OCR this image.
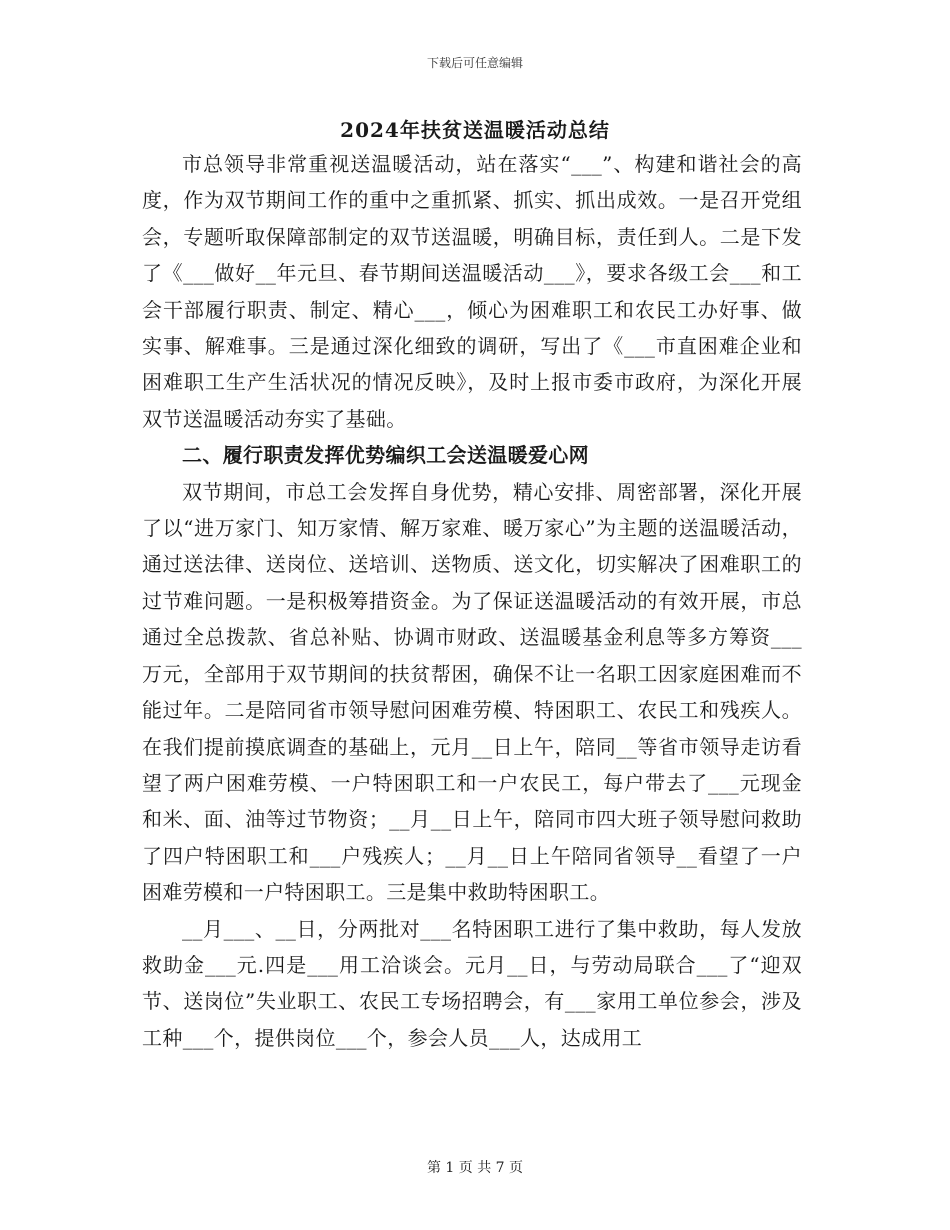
下载后可任意编辑
2024年扶贫送温暖活动总结

市总领导非常重视送温暖活动，站在落实“___”、构建和谐社会的高度，作为双节期间工作的重中之重抓紧、抓实、抓出成效。一是召开党组会，专题听取保障部制定的双节送温暖，明确目标，责任到人。二是下发了《___做好__年元旦、春节期间送温暖活动___》，要求各级工会___和工会干部履行职责、制定、精心___，倾心为困难职工和农民工办好事、做实事、解难事。三是通过深化细致的调研，写出了《___市直困难企业和困难职工生产生活状况的情况反映》，及时上报市委市政府，为深化开展双节送温暖活动夯实了基础。

二、履行职责发挥优势编织工会送温暖爱心网

双节期间，市总工会发挥自身优势，精心安排、周密部署，深化开展了以“进万家门、知万家情、解万家难、暖万家心”为主题的送温暖活动，通过送法律、送岗位、送培训、送物质、送文化，切实解决了困难职工的过节难问题。一是积极筹措资金。为了保证送温暖活动的有效开展，市总通过全总拨款、省总补贴、协调市财政、送温暖基金利息等多方筹资___万元，全部用于双节期间的扶贫帮困，确保不让一名职工因家庭困难而不能过年。二是陪同省市领导慰问困难劳模、特困职工、农民工和残疾人。在我们提前摸底调查的基础上，元月__日上午，陪同__等省市领导走访看望了两户困难劳模、一户特困职工和一户农民工，每户带去了___元现金和米、面、油等过节物资；__月__日上午，陪同市四大班子领导慰问救助了四户特困职工和___户残疾人；__月__日上午陪同省领导__看望了一户困难劳模和一户特困职工。三是集中救助特困职工。

__月___、__日，分两批对___名特困职工进行了集中救助，每人发放救助金___元.四是___用工洽谈会。元月__日，与劳动局联合___了“迎双节、送岗位”失业职工、农民工专场招聘会，有___家用工单位参会，涉及工种___个，提供岗位___个，参会人员___人，达成用工

第 1 页 共 7 页
